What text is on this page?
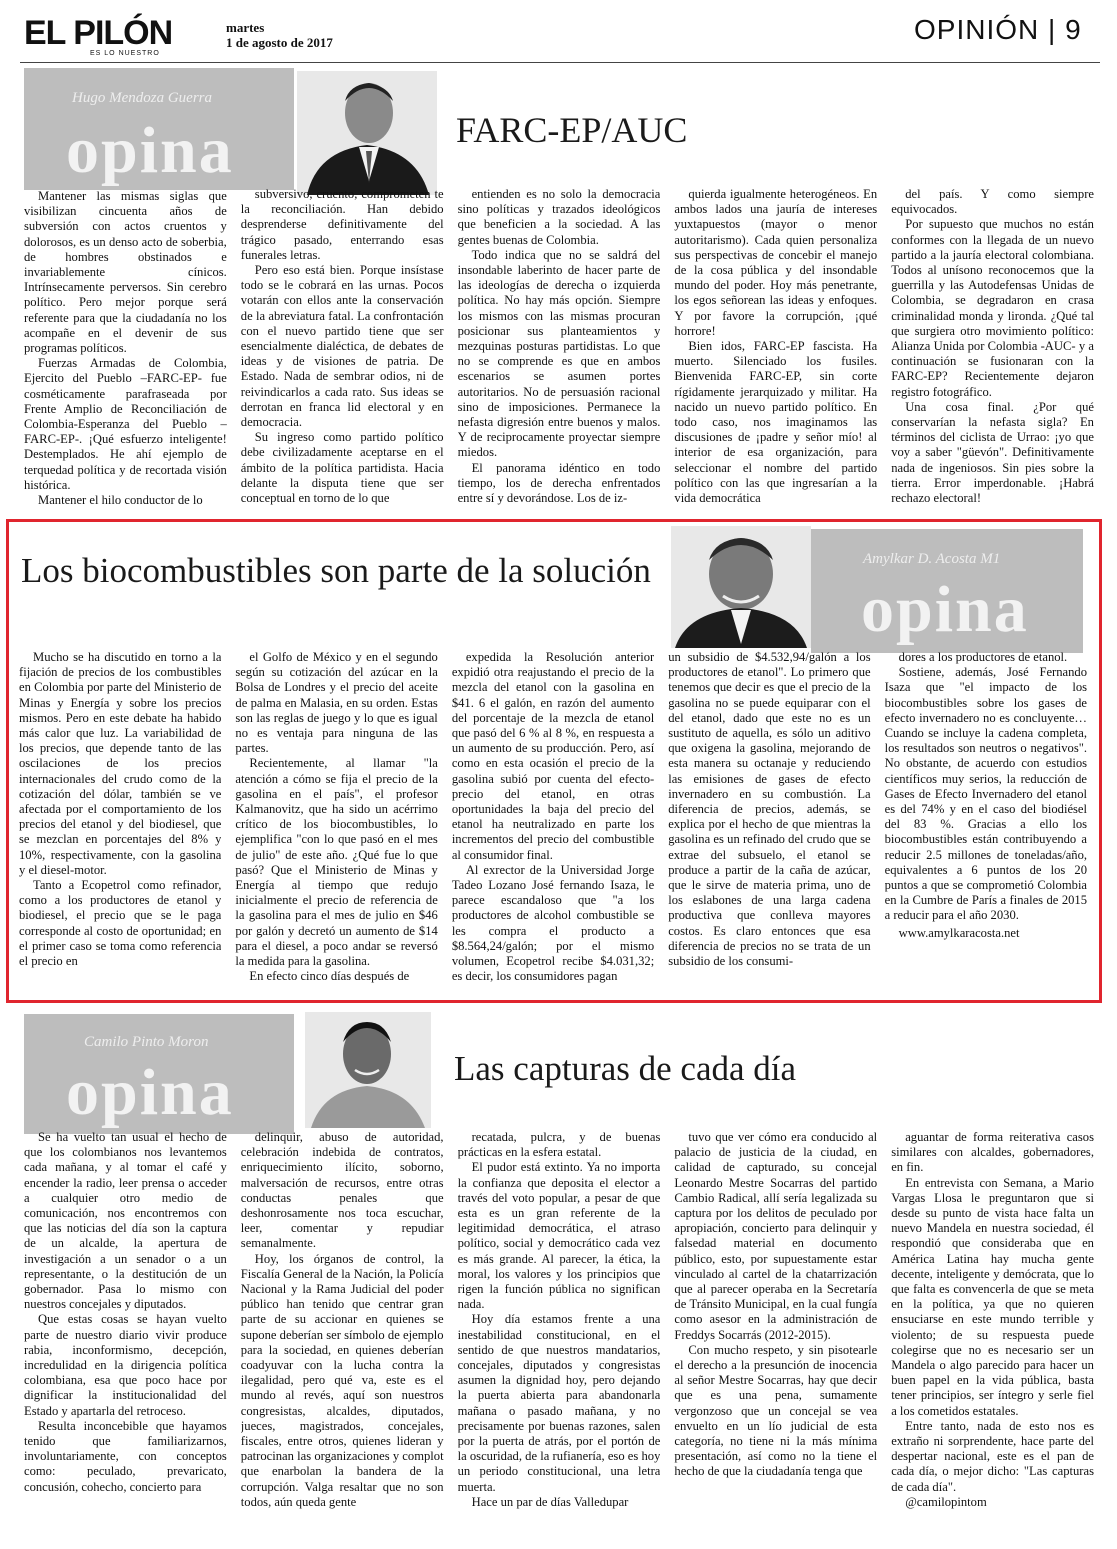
EL PILÓN
ES LO NUESTRO
martes
1 de agosto de 2017	OPINIÓN | 9
Hugo Mendoza Guerra
opina	FARC-EP/AUC

Mantener las mismas siglas que visibilizan cincuenta años de subversión con actos cruentos y dolorosos, es un denso acto de soberbia, de hombres obstinados e invariablemente cínicos. Intrínsecamente perversos. Sin cerebro político. Pero mejor porque será referente para que la ciudadanía no los acompañe en el devenir de sus programas políticos.

Fuerzas Armadas de Colombia, Ejercito del Pueblo –FARC-EP- fue cosméticamente parafraseada por Frente Amplio de Reconciliación de Colombia-Esperanza del Pueblo –FARC-EP-. ¡Qué esfuerzo inteligente! Destemplados. He ahí ejemplo de terquedad política y de recortada visión histórica.

Mantener el hilo conductor de lo

subversivo, cruento, comprometen te la reconciliación. Han debido desprenderse definitivamente del trágico pasado, enterrando esas funerales letras.

Pero eso está bien. Porque insístase todo se le cobrará en las urnas. Pocos votarán con ellos ante la conservación de la abreviatura fatal. La confrontación con el nuevo partido tiene que ser esencialmente dialéctica, de debates de ideas y de visiones de patria. De Estado. Nada de sembrar odios, ni de reivindicarlos a cada rato. Sus ideas se derrotan en franca lid electoral y en democracia.

Su ingreso como partido político debe civilizadamente aceptarse en el ámbito de la política partidista. Hacia delante la disputa tiene que ser conceptual en torno de lo que

entienden es no solo la democracia sino políticas y trazados ideológicos que beneficien a la sociedad. A las gentes buenas de Colombia.

Todo indica que no se saldrá del insondable laberinto de hacer parte de las ideologías de derecha o izquierda política. No hay más opción. Siempre los mismos con las mismas procuran posicionar sus planteamientos y mezquinas posturas partidistas. Lo que no se comprende es que en ambos escenarios se asumen portes autoritarios. No de persuasión racional sino de imposiciones. Permanece la nefasta digresión entre buenos y malos. Y de reciprocamente proyectar siempre miedos.

El panorama idéntico en todo tiempo, los de derecha enfrentados entre sí y devorándose. Los de iz-

quierda igualmente heterogéneos. En ambos lados una jauría de intereses yuxtapuestos (mayor o menor autoritarismo). Cada quien personaliza sus perspectivas de concebir el manejo de la cosa pública y del insondable mundo del poder. Hoy más penetrante, los egos señorean las ideas y enfoques. Y por favore la corrupción, ¡qué horrore!

Bien idos, FARC-EP fascista. Ha muerto. Silenciado los fusiles. Bienvenida FARC-EP, sin corte rígidamente jerarquizado y militar. Ha nacido un nuevo partido político. En todo caso, nos imaginamos las discusiones de ¡padre y señor mío! al interior de esa organización, para seleccionar el nombre del partido político con las que ingresarían a la vida democrática

del país. Y como siempre equivocados.

Por supuesto que muchos no están conformes con la llegada de un nuevo partido a la jauría electoral colombiana. Todos al unísono reconocemos que la guerrilla y las Autodefensas Unidas de Colombia, se degradaron en crasa criminalidad monda y lironda. ¿Qué tal que surgiera otro movimiento político: Alianza Unida por Colombia -AUC- y a continuación se fusionaran con la FARC-EP? Recientemente dejaron registro fotográfico.

Una cosa final. ¿Por qué conservarían la nefasta sigla? En términos del ciclista de Urrao: ¡yo que voy a saber "güevón". Definitivamente nada de ingeniosos. Sin pies sobre la tierra. Error imperdonable. ¡Habrá rechazo electoral!

Los biocombustibles son parte de la solución	Amylkar D. Acosta M1
opina

Mucho se ha discutido en torno a la fijación de precios de los combustibles en Colombia por parte del Ministerio de Minas y Energía y sobre los precios mismos. Pero en este debate ha habido más calor que luz. La variabilidad de los precios, que depende tanto de las oscilaciones de los precios internacionales del crudo como de la cotización del dólar, también se ve afectada por el comportamiento de los precios del etanol y del biodiesel, que se mezclan en porcentajes del 8% y 10%, respectivamente, con la gasolina y el diesel-motor.

Tanto a Ecopetrol como refinador, como a los productores de etanol y biodiesel, el precio que se le paga corresponde al costo de oportunidad; en el primer caso se toma como referencia el precio en

el Golfo de México y en el segundo según su cotización del azúcar en la Bolsa de Londres y el precio del aceite de palma en Malasia, en su orden. Estas son las reglas de juego y lo que es igual no es ventaja para ninguna de las partes.

Recientemente, al llamar "la atención a cómo se fija el precio de la gasolina en el país", el profesor Kalmanovitz, que ha sido un acérrimo crítico de los biocombustibles, lo ejemplifica "con lo que pasó en el mes de julio" de este año. ¿Qué fue lo que pasó? Que el Ministerio de Minas y Energía al tiempo que redujo inicialmente el precio de referencia de la gasolina para el mes de julio en $46 por galón y decretó un aumento de $14 para el diesel, a poco andar se reversó la medida para la gasolina.

En efecto cinco días después de

expedida la Resolución anterior expidió otra reajustando el precio de la mezcla del etanol con la gasolina en $41. 6 el galón, en razón del aumento del porcentaje de la mezcla de etanol que pasó del 6 % al 8 %, en respuesta a un aumento de su producción. Pero, así como en esta ocasión el precio de la gasolina subió por cuenta del efecto-precio del etanol, en otras oportunidades la baja del precio del etanol ha neutralizado en parte los incrementos del precio del combustible al consumidor final.

Al exrector de la Universidad Jorge Tadeo Lozano José fernando Isaza, le parece escandaloso que "a los productores de alcohol combustible se les compra el producto a $8.564,24/galón; por el mismo volumen, Ecopetrol recibe $4.031,32; es decir, los consumidores pagan

un subsidio de $4.532,94/galón a los productores de etanol". Lo primero que tenemos que decir es que el precio de la gasolina no se puede equiparar con el del etanol, dado que este no es un sustituto de aquella, es sólo un aditivo que oxigena la gasolina, mejorando de esta manera su octanaje y reduciendo las emisiones de gases de efecto invernadero en su combustión. La diferencia de precios, además, se explica por el hecho de que mientras la gasolina es un refinado del crudo que se extrae del subsuelo, el etanol se produce a partir de la caña de azúcar, que le sirve de materia prima, uno de los eslabones de una larga cadena productiva que conlleva mayores costos. Es claro entonces que esa diferencia de precios no se trata de un subsidio de los consumi-

dores a los productores de etanol.

Sostiene, además, José Fernando Isaza que "el impacto de los biocombustibles sobre los gases de efecto invernadero no es concluyente… Cuando se incluye la cadena completa, los resultados son neutros o negativos". No obstante, de acuerdo con estudios científicos muy serios, la reducción de Gases de Efecto Invernadero del etanol es del 74% y en el caso del biodiésel del 83 %. Gracias a ello los biocombustibles están contribuyendo a reducir 2.5 millones de toneladas/año, equivalentes a 6 puntos de los 20 puntos a que se comprometió Colombia en la Cumbre de París a finales de 2015 a reducir para el año 2030.

www.amylkaracosta.net

Camilo Pinto Moron
opina	Las capturas de cada día

Se ha vuelto tan usual el hecho de que los colombianos nos levantemos cada mañana, y al tomar el café y encender la radio, leer prensa o acceder a cualquier otro medio de comunicación, nos encontremos con que las noticias del día son la captura de un alcalde, la apertura de investigación a un senador o a un representante, o la destitución de un gobernador. Pasa lo mismo con nuestros concejales y diputados.

Que estas cosas se hayan vuelto parte de nuestro diario vivir produce rabia, inconformismo, decepción, incredulidad en la dirigencia política colombiana, esa que poco hace por dignificar la institucionalidad del Estado y apartarla del retroceso.

Resulta inconcebible que hayamos tenido que familiarizarnos, involuntariamente, con conceptos como: peculado, prevaricato, concusión, cohecho, concierto para

delinquir, abuso de autoridad, celebración indebida de contratos, enriquecimiento ilícito, soborno, malversación de recursos, entre otras conductas penales que deshonrosamente nos toca escuchar, leer, comentar y repudiar semanalmente.

Hoy, los órganos de control, la Fiscalía General de la Nación, la Policía Nacional y la Rama Judicial del poder público han tenido que centrar gran parte de su accionar en quienes se supone deberían ser símbolo de ejemplo para la sociedad, en quienes deberían coadyuvar con la lucha contra la ilegalidad, pero qué va, este es el mundo al revés, aquí son nuestros congresistas, alcaldes, diputados, jueces, magistrados, concejales, fiscales, entre otros, quienes lideran y patrocinan las organizaciones y complot que enarbolan la bandera de la corrupción. Valga resaltar que no son todos, aún queda gente

recatada, pulcra, y de buenas prácticas en la esfera estatal.

El pudor está extinto. Ya no importa la confianza que deposita el elector a través del voto popular, a pesar de que esta es un gran referente de la legitimidad democrática, el atraso político, social y democrático cada vez es más grande. Al parecer, la ética, la moral, los valores y los principios que rigen la función pública no significan nada.

Hoy día estamos frente a una inestabilidad constitucional, en el sentido de que nuestros mandatarios, concejales, diputados y congresistas asumen la dignidad hoy, pero dejando la puerta abierta para abandonarla mañana o pasado mañana, y no precisamente por buenas razones, salen por la puerta de atrás, por el portón de la oscuridad, de la rufianería, eso es hoy un periodo constitucional, una letra muerta.

Hace un par de días Valledupar

tuvo que ver cómo era conducido al palacio de justicia de la ciudad, en calidad de capturado, su concejal Leonardo Mestre Socarras del partido Cambio Radical, allí sería legalizada su captura por los delitos de peculado por apropiación, concierto para delinquir y falsedad material en documento público, esto, por supuestamente estar vinculado al cartel de la chatarrización que al parecer operaba en la Secretaría de Tránsito Municipal, en la cual fungía como asesor en la administración de Freddys Socarrás (2012-2015).

Con mucho respeto, y sin pisotearle el derecho a la presunción de inocencia al señor Mestre Socarras, hay que decir que es una pena, sumamente vergonzoso que un concejal se vea envuelto en un lío judicial de esta categoría, no tiene ni la más mínima presentación, así como no la tiene el hecho de que la ciudadanía tenga que

aguantar de forma reiterativa casos similares con alcaldes, gobernadores, en fin.

En entrevista con Semana, a Mario Vargas Llosa le preguntaron que si desde su punto de vista hace falta un nuevo Mandela en nuestra sociedad, él respondió que consideraba que en América Latina hay mucha gente decente, inteligente y demócrata, que lo que falta es convencerla de que se meta en la política, ya que no quieren ensuciarse en este mundo terrible y violento; de su respuesta puede colegirse que no es necesario ser un Mandela o algo parecido para hacer un buen papel en la vida pública, basta tener principios, ser íntegro y serle fiel a los cometidos estatales.

Entre tanto, nada de esto nos es extraño ni sorprendente, hace parte del despertar nacional, este es el pan de cada día, o mejor dicho: "Las capturas de cada día".

@camilopintom
